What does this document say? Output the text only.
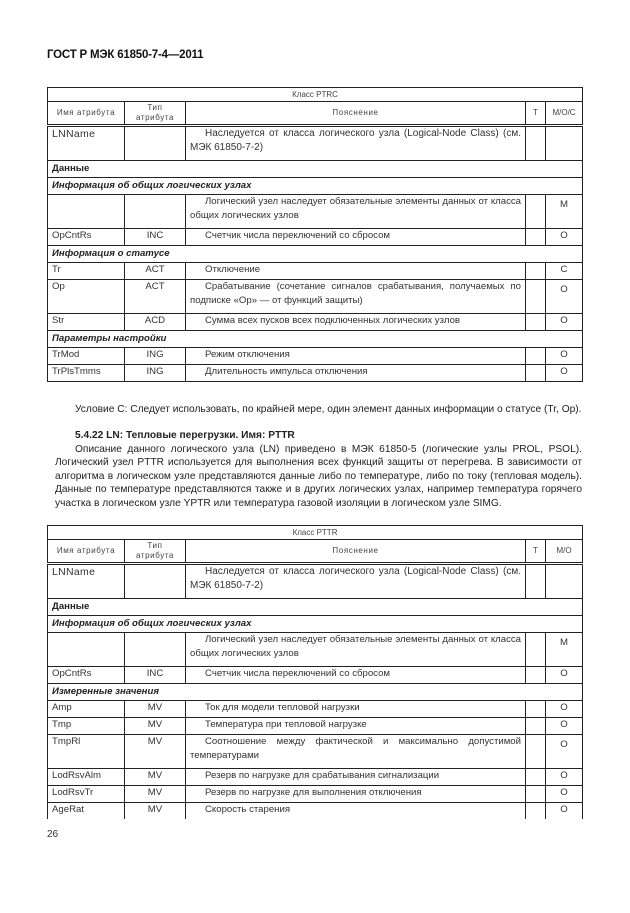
ГОСТ Р МЭК 61850-7-4—2011
Класс PTRC				
Имя атрибута	Тип атрибута	Пояснение	Т	М/О/С
LNName		Наследуется от класса логического узла (Logical-Node Class) (см. МЭК 61850-7-2)		
Данные				
Информация об общих логических узлах				
		Логический узел наследует обязательные элементы данных от класса общих логических узлов		M
OpCntRs	INC	Счетчик числа переключений со сбросом		O
Информация о статусе				
Tr	ACT	Отключение		C
Op	ACT	Срабатывание (сочетание сигналов срабатывания, получаемых по подписке «Op» — от функций защиты)		O
Str	ACD	Сумма всех пусков всех подключенных логических узлов		O
Параметры настройки				
TrMod	ING	Режим отключения		O
TrPlsTmms	ING	Длительность импульса отключения		O
Условие С: Следует использовать, по крайней мере, один элемент данных информации о статусе (Tr, Op).
5.4.22 LN: Тепловые перегрузки. Имя: PTTR
Описание данного логического узла (LN) приведено в МЭК 61850-5 (логические узлы PROL, PSOL). Логический узел PTTR используется для выполнения всех функций защиты от перегрева. В зависимости от алгоритма в логическом узле представляются данные либо по температуре, либо по току (тепловая модель). Данные по температуре представляются также и в других логических узлах, например температура горячего участка в логическом узле YPTR или температура газовой изоляции в логическом узле SIMG.
Класс PTTR				
Имя атрибута	Тип атрибута	Пояснение	Т	М/О
LNName		Наследуется от класса логического узла (Logical-Node Class) (см. МЭК 61850-7-2)		
Данные				
Информация об общих логических узлах				
		Логический узел наследует обязательные элементы данных от класса общих логических узлов		M
OpCntRs	INC	Счетчик числа переключений со сбросом		O
Измеренные значения				
Amp	MV	Ток для модели тепловой нагрузки		O
Tmp	MV	Температура при тепловой нагрузке		O
TmpRl	MV	Соотношение между фактической и максимально допустимой температурами		O
LodRsvAlm	MV	Резерв по нагрузке для срабатывания сигнализации		O
LodRsvTr	MV	Резерв по нагрузке для выполнения отключения		O
AgeRat	MV	Скорость старения		O
26
